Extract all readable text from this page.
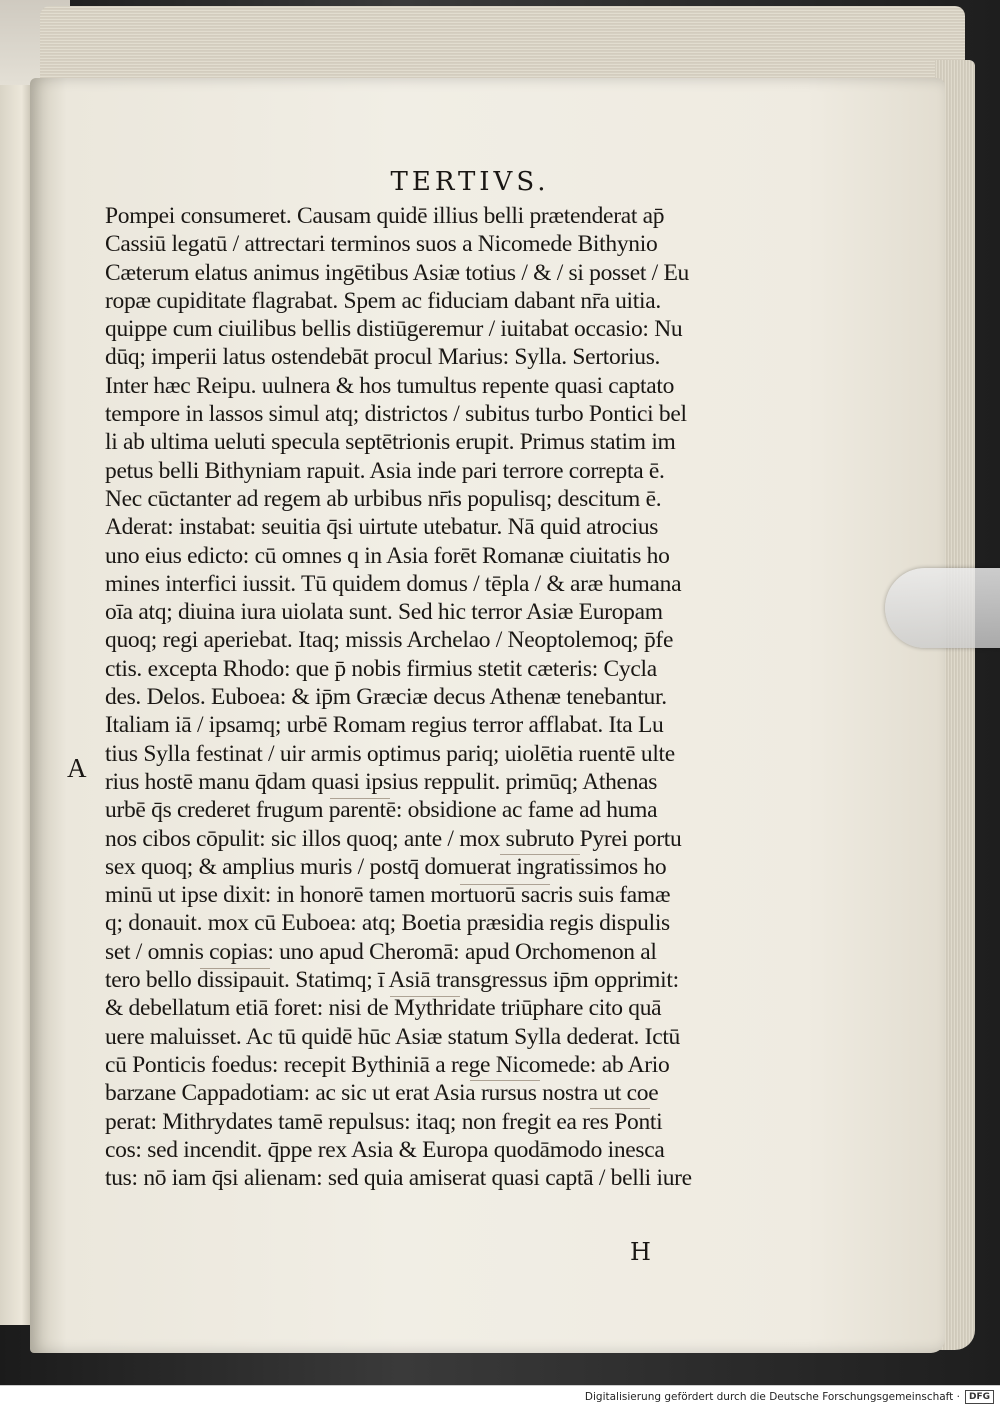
A
TERTIVS.
Pompei consumeret. Causam quidē illius belli prætenderat ap̄
Cassiū legatū / attrectari terminos suos a Nicomede Bithynio
Cæterum elatus animus ingētibus Asiæ totius / & / si posset / Eu
ropæ cupiditate flagrabat. Spem ac fiduciam dabant nr̄a uitia.
quippe cum ciuilibus bellis distiūgeremur / iuitabat occasio: Nu
dūq; imperii latus ostendebāt procul Marius: Sylla. Sertorius.
Inter hæc Reipu. uulnera & hos tumultus repente quasi captato
tempore in lassos simul atq; districtos / subitus turbo Pontici bel
li ab ultima ueluti specula septētrionis erupit. Primus statim im
petus belli Bithyniam rapuit. Asia inde pari terrore correpta ē.
Nec cūctanter ad regem ab urbibus nr̄is populisq; descitum ē.
Aderat: instabat: seuitia q̄si uirtute utebatur. Nā quid atrocius
uno eius edicto: cū omnes q in Asia forēt Romanæ ciuitatis ho
mines interfici iussit. Tū quidem domus / tēpla / & aræ humana
oīa atq; diuina iura uiolata sunt. Sed hic terror Asiæ Europam
quoq; regi aperiebat. Itaq; missis Archelao / Neoptolemoq; p̄fe
ctis. excepta Rhodo: que p̄ nobis firmius stetit cæteris: Cycla
des. Delos. Euboea: & ip̄m Græciæ decus Athenæ tenebantur.
Italiam iā / ipsamq; urbē Romam regius terror afflabat. Ita Lu
tius Sylla festinat / uir armis optimus pariq; uiolētia ruentē ulte
rius hostē manu q̄dam quasi ipsius reppulit. primūq; Athenas
urbē q̄s crederet frugum parentē: obsidione ac fame ad huma
nos cibos cōpulit: sic illos quoq; ante / mox subruto Pyrei portu
sex quoq; & amplius muris / postq̄ domuerat ingratissimos ho
minū ut ipse dixit: in honorē tamen mortuorū sacris suis famæ
q; donauit. mox cū Euboea: atq; Boetia præsidia regis dispulis
set / omnis copias: uno apud Cheromā: apud Orchomenon al
tero bello dissipauit. Statimq; ī Asiā transgressus ip̄m opprimit:
& debellatum etiā foret: nisi de Mythridate triūphare cito quā
uere maluisset. Ac tū quidē hūc Asiæ statum Sylla dederat. Ictū
cū Ponticis foedus: recepit Bythiniā a rege Nicomede: ab Ario
barzane Cappadotiam: ac sic ut erat Asia rursus nostra ut coe
perat: Mithrydates tamē repulsus: itaq; non fregit ea res Ponti
cos: sed incendit. q̄ppe rex Asia & Europa quodāmodo inesca
tus: nō iam q̄si alienam: sed quia amiserat quasi captā / belli iure
H
Digitalisierung gefördert durch die Deutsche Forschungsgemeinschaft ·	DFG
